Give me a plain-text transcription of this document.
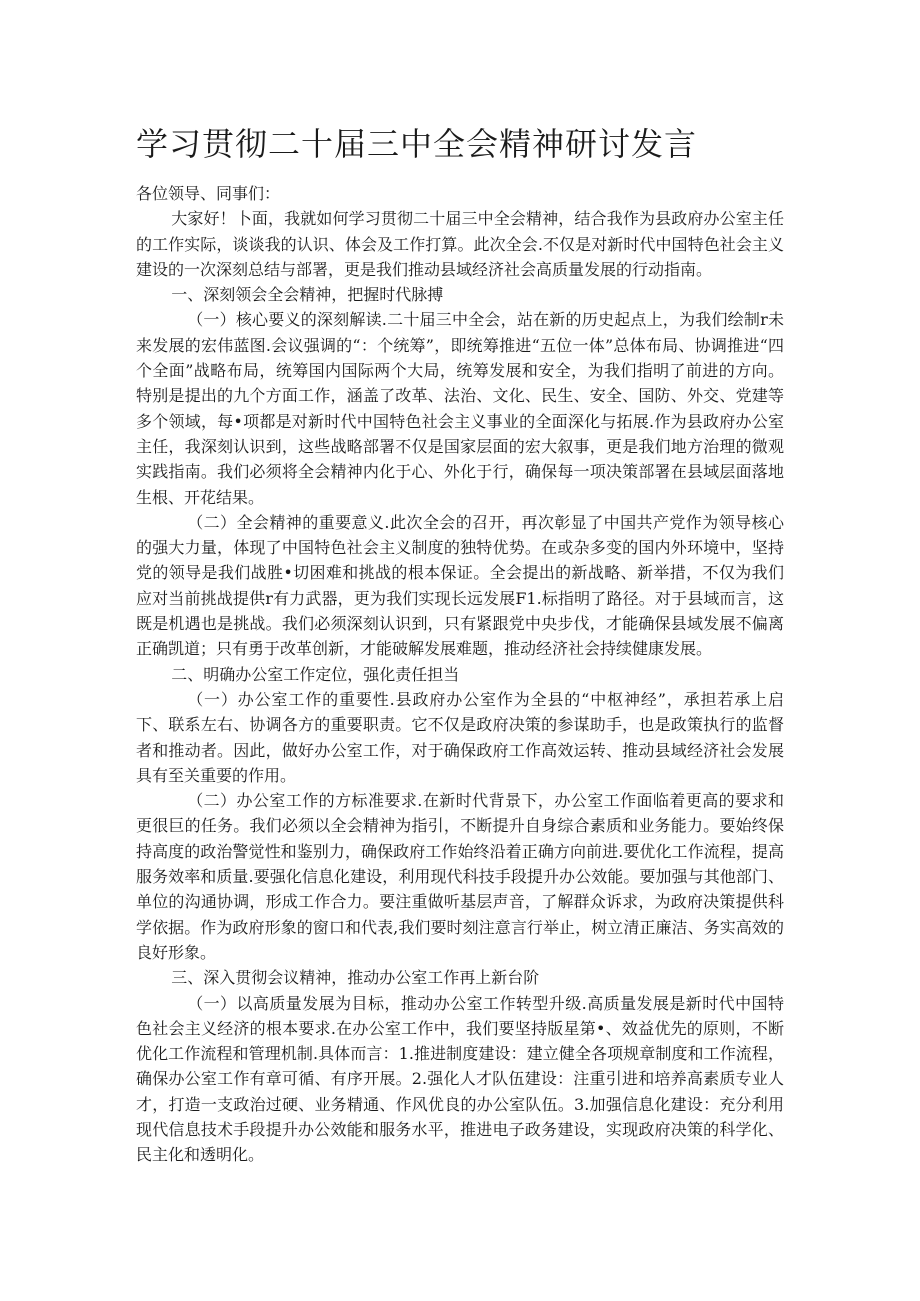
学习贯彻二十届三中全会精神研讨发言

各位领导、同事们：

大家好！卜面，我就如何学习贯彻二十届三中全会精神，结合我作为县政府办公室主任的工作实际，谈谈我的认识、体会及工作打算。此次全会.不仅是对新时代中国特色社会主义建设的一次深刻总结与部署，更是我们推动县域经济社会高质量发展的行动指南。

一、深刻领会全会精神，把握时代脉搏

（一）核心要义的深刻解读.二十届三中全会，站在新的历史起点上，为我们绘制r未来发展的宏伟蓝图.会议强调的“：个统筹”，即统筹推进“五位一体”总体布局、协调推进“四个全面”战略布局，统筹国内国际两个大局，统筹发展和安全，为我们指明了前进的方向。特别是提出的九个方面工作，涵盖了改革、法治、文化、民生、安全、国防、外交、党建等多个领域，每•项都是对新时代中国特色社会主义事业的全面深化与拓展.作为县政府办公室主任，我深刻认识到，这些战略部署不仅是国家层面的宏大叙事，更是我们地方治理的微观实践指南。我们必须将全会精神内化于心、外化于行，确保每一项决策部署在县域层面落地生根、开花结果。

（二）全会精神的重要意义.此次全会的召开，再次彰显了中国共产党作为领导核心的强大力量，体现了中国特色社会主义制度的独特优势。在或杂多变的国内外环境中，坚持党的领导是我们战胜•切困难和挑战的根本保证。全会提出的新战略、新举措，不仅为我们应对当前挑战提供r有力武器，更为我们实现长远发展F1.标指明了路径。对于县域而言，这既是机遇也是挑战。我们必须深刻认识到，只有紧跟党中央步伐，才能确保县域发展不偏离正确凯道；只有勇于改革创新，才能破解发展难题，推动经济社会持续健康发展。

二、明确办公室工作定位，强化责任担当

（一）办公室工作的重要性.县政府办公室作为全县的“中枢神经”，承担若承上启下、联系左右、协调各方的重要职责。它不仅是政府决策的参谋助手，也是政策执行的监督者和推动者。因此，做好办公室工作，对于确保政府工作高效运转、推动县域经济社会发展具有至关重要的作用。

（二）办公室工作的方标准要求.在新时代背景下，办公室工作面临着更高的要求和更很巨的任务。我们必须以全会精神为指引，不断提升自身综合素质和业务能力。要始终保持高度的政治警觉性和鉴别力，确保政府工作始终沿着正确方向前进.要优化工作流程，提高服务效率和质量.要强化信息化建设，利用现代科技手段提升办公效能。要加强与其他部门、单位的沟通协调，形成工作合力。要注重做听基层声音，了解群众诉求，为政府决策提供科学依据。作为政府形象的窗口和代表,我们要时刻注意言行举止，树立清正廉洁、务实高效的良好形象。

三、深入贯彻会议精神，推动办公室工作再上新台阶

（一）以高质量发展为目标，推动办公室工作转型升级.高质量发展是新时代中国特色社会主义经济的根本要求.在办公室工作中，我们要坚持版星第•、效益优先的原则，不断优化工作流程和管理机制.具体而言：1.推进制度建设：建立健全各项规章制度和工作流程，确保办公室工作有章可循、有序开展。2.强化人才队伍建设：注重引进和培养高素质专业人才，打造一支政治过硬、业务精通、作风优良的办公室队伍。3.加强信息化建设：充分利用现代信息技术手段提升办公效能和服务水平，推进电子政务建设，实现政府决策的科学化、民主化和透明化。
